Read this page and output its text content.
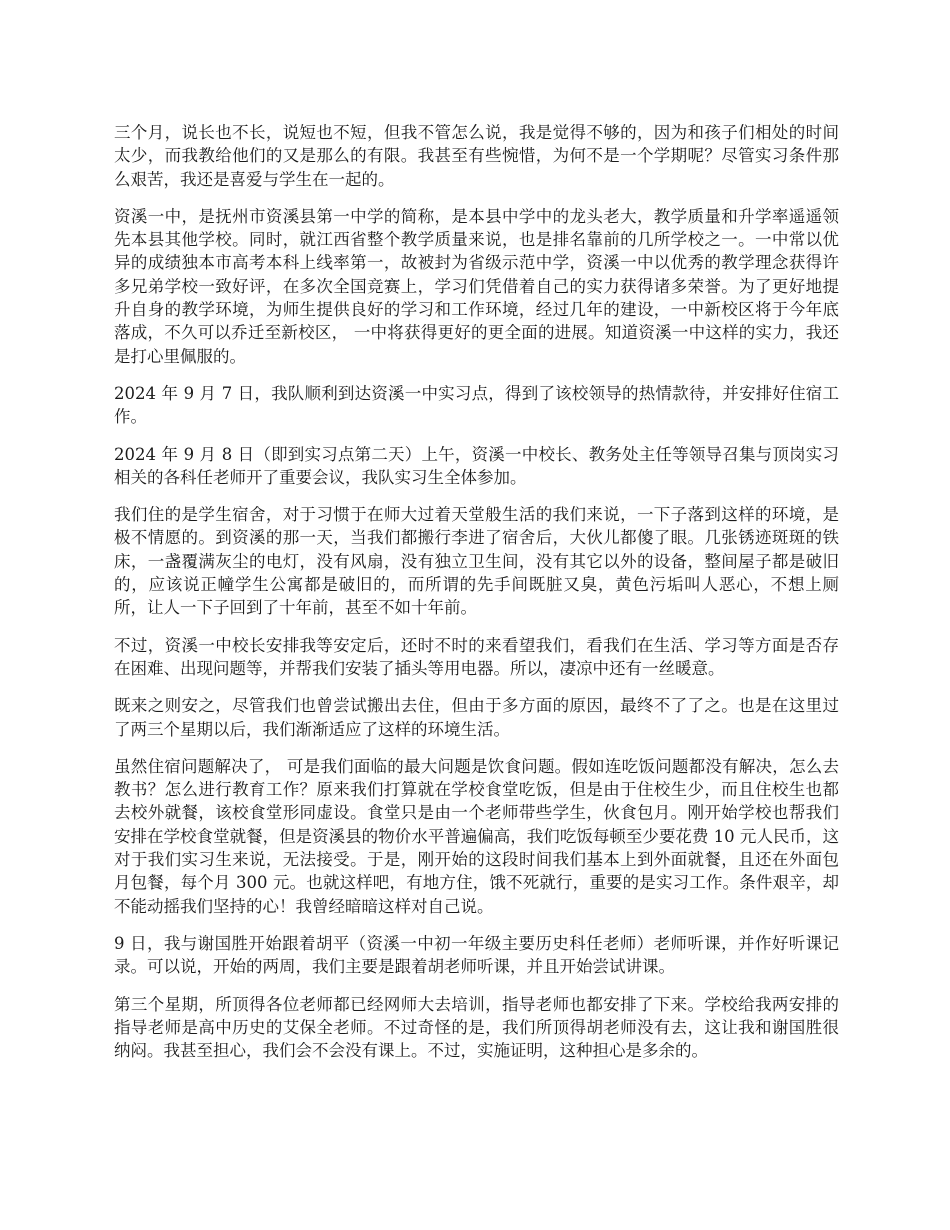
三个月，说长也不长，说短也不短，但我不管怎么说，我是觉得不够的，因为和孩子们相处的时间太少，而我教给他们的又是那么的有限。我甚至有些惋惜，为何不是一个学期呢？尽管实习条件那么艰苦，我还是喜爱与学生在一起的。

资溪一中，是抚州市资溪县第一中学的简称，是本县中学中的龙头老大，教学质量和升学率遥遥领先本县其他学校。同时，就江西省整个教学质量来说，也是排名靠前的几所学校之一。一中常以优异的成绩独本市高考本科上线率第一，故被封为省级示范中学，资溪一中以优秀的教学理念获得许多兄弟学校一致好评，在多次全国竞赛上，学习们凭借着自己的实力获得诸多荣誉。为了更好地提升自身的教学环境，为师生提供良好的学习和工作环境，经过几年的建设，一中新校区将于今年底落成，不久可以乔迁至新校区， 一中将获得更好的更全面的进展。知道资溪一中这样的实力，我还是打心里佩服的。

2024 年 9 月 7 日，我队顺利到达资溪一中实习点，得到了该校领导的热情款待，并安排好住宿工作。

2024 年 9 月 8 日（即到实习点第二天）上午，资溪一中校长、教务处主任等领导召集与顶岗实习相关的各科任老师开了重要会议，我队实习生全体参加。

我们住的是学生宿舍，对于习惯于在师大过着天堂般生活的我们来说，一下子落到这样的环境，是极不情愿的。到资溪的那一天，当我们都搬行李进了宿舍后，大伙儿都傻了眼。几张锈迹斑斑的铁床，一盏覆满灰尘的电灯，没有风扇，没有独立卫生间，没有其它以外的设备，整间屋子都是破旧的，应该说正幢学生公寓都是破旧的，而所谓的先手间既脏又臭，黄色污垢叫人恶心，不想上厕所，让人一下子回到了十年前，甚至不如十年前。

不过，资溪一中校长安排我等安定后，还时不时的来看望我们，看我们在生活、学习等方面是否存在困难、出现问题等，并帮我们安装了插头等用电器。所以，凄凉中还有一丝暖意。

既来之则安之，尽管我们也曾尝试搬出去住，但由于多方面的原因，最终不了了之。也是在这里过了两三个星期以后，我们渐渐适应了这样的环境生活。

虽然住宿问题解决了， 可是我们面临的最大问题是饮食问题。假如连吃饭问题都没有解决，怎么去教书？怎么进行教育工作？原来我们打算就在学校食堂吃饭，但是由于住校生少，而且住校生也都去校外就餐，该校食堂形同虚设。食堂只是由一个老师带些学生，伙食包月。刚开始学校也帮我们安排在学校食堂就餐，但是资溪县的物价水平普遍偏高，我们吃饭每顿至少要花费 10 元人民币，这对于我们实习生来说，无法接受。于是，刚开始的这段时间我们基本上到外面就餐，且还在外面包月包餐，每个月 300 元。也就这样吧，有地方住，饿不死就行，重要的是实习工作。条件艰辛，却不能动摇我们坚持的心！我曾经暗暗这样对自己说。

9 日，我与谢国胜开始跟着胡平（资溪一中初一年级主要历史科任老师）老师听课，并作好听课记录。可以说，开始的两周，我们主要是跟着胡老师听课，并且开始尝试讲课。

第三个星期，所顶得各位老师都已经网师大去培训，指导老师也都安排了下来。学校给我两安排的指导老师是高中历史的艾保全老师。不过奇怪的是，我们所顶得胡老师没有去，这让我和谢国胜很纳闷。我甚至担心，我们会不会没有课上。不过，实施证明，这种担心是多余的。
